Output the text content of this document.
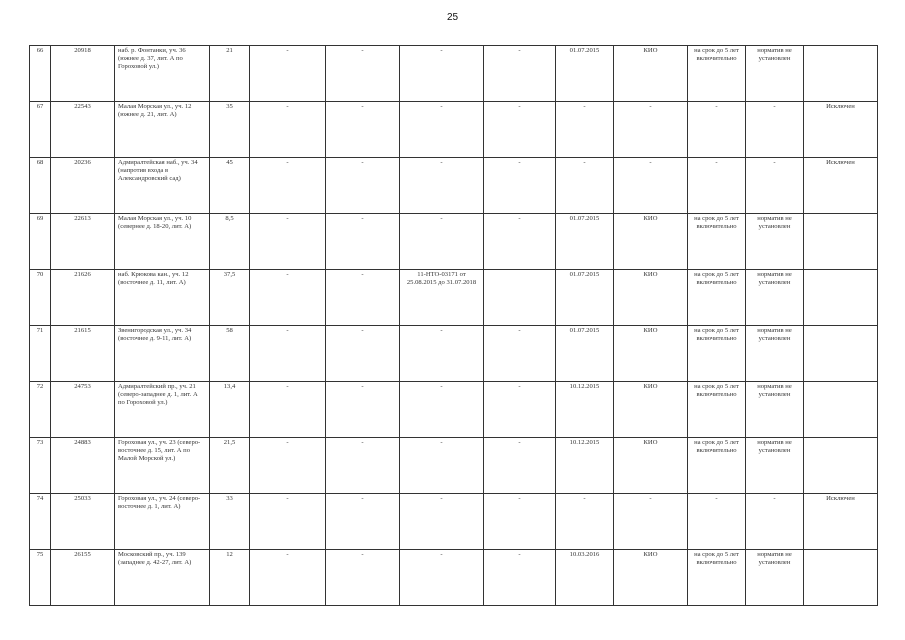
25
66	20918	наб. р. Фонтанки, уч. 36 (южнее д. 37, лит. А по Гороховой ул.)	21	-	-	-	-	01.07.2015	КИО	на срок до 5 лет включительно	норматив не установлен	
67	22543	Малая Морская ул., уч. 12 (южнее д. 21, лит. А)	35	-	-	-	-	-	-	-	-	Исключен
68	20236	Адмиралтейская наб., уч. 34 (напротив входа в Александровский сад)	45	-	-	-	-	-	-	-	-	Исключен
69	22613	Малая Морская ул., уч. 10 (севернее д. 18-20, лит. А)	8,5	-	-	-	-	01.07.2015	КИО	на срок до 5 лет включительно	норматив не установлен	
70	21626	наб. Крюкова кан., уч. 12 (восточнее д. 11, лит. А)	37,5	-	-	11-НТО-03171 от 25.08.2015 до 31.07.2018		01.07.2015	КИО	на срок до 5 лет включительно	норматив не установлен	
71	21615	Звенигородская ул., уч. 34 (восточнее д. 9-11, лит. А)	58	-	-	-	-	01.07.2015	КИО	на срок до 5 лет включительно	норматив не установлен	
72	24753	Адмиралтейский пр., уч. 21 (северо-западнее д. 1, лит. А по Гороховой ул.)	13,4	-	-	-	-	10.12.2015	КИО	на срок до 5 лет включительно	норматив не установлен	
73	24883	Гороховая ул., уч. 23 (северо-восточнее д. 15, лит. А по Малой Морской ул.)	21,5	-	-	-	-	10.12.2015	КИО	на срок до 5 лет включительно	норматив не установлен	
74	25033	Гороховая ул., уч. 24 (северо-восточнее д. 1, лит. А)	33	-	-	-	-	-	-	-	-	Исключен
75	26155	Московский пр., уч. 139 (западнее д. 42-27, лит. А)	12	-	-	-	-	10.03.2016	КИО	на срок до 5 лет включительно	норматив не установлен	
